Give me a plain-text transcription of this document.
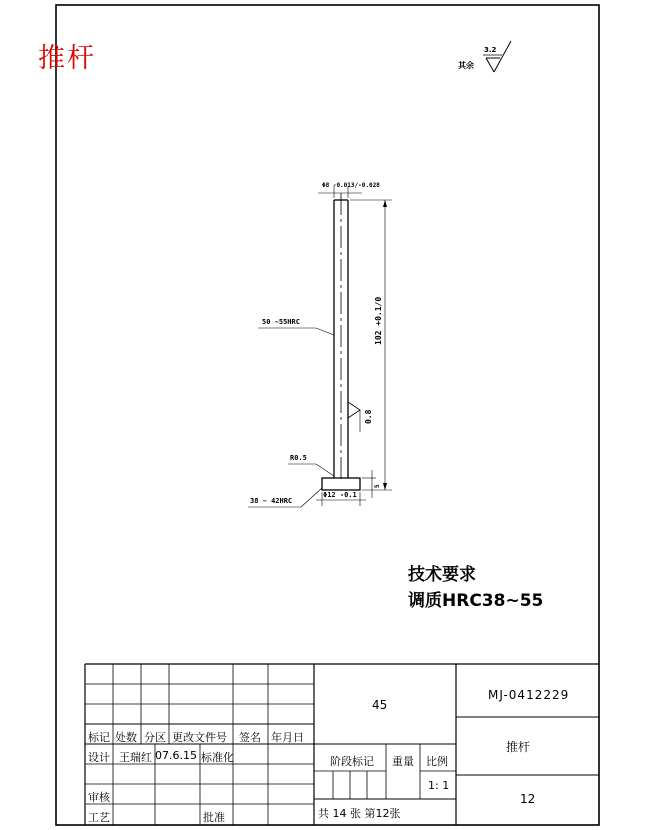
推杆	3.2
其余
Φ8 -0.013/-0.028
50 ~55HRC	102 +0.1/0
0.8
R0.5
38 ~ 42HRC
Φ12 -0.1
5
技术要求
调质HRC38~55
标记 处数 分区 更改文件号 签名 年月日
设计 王瑞红 07.6.15 标准化
审核
工艺	批准
45
阶段标记 重量 比例
1: 1
共 14 张 第12张
MJ-0412229
推杆
12
